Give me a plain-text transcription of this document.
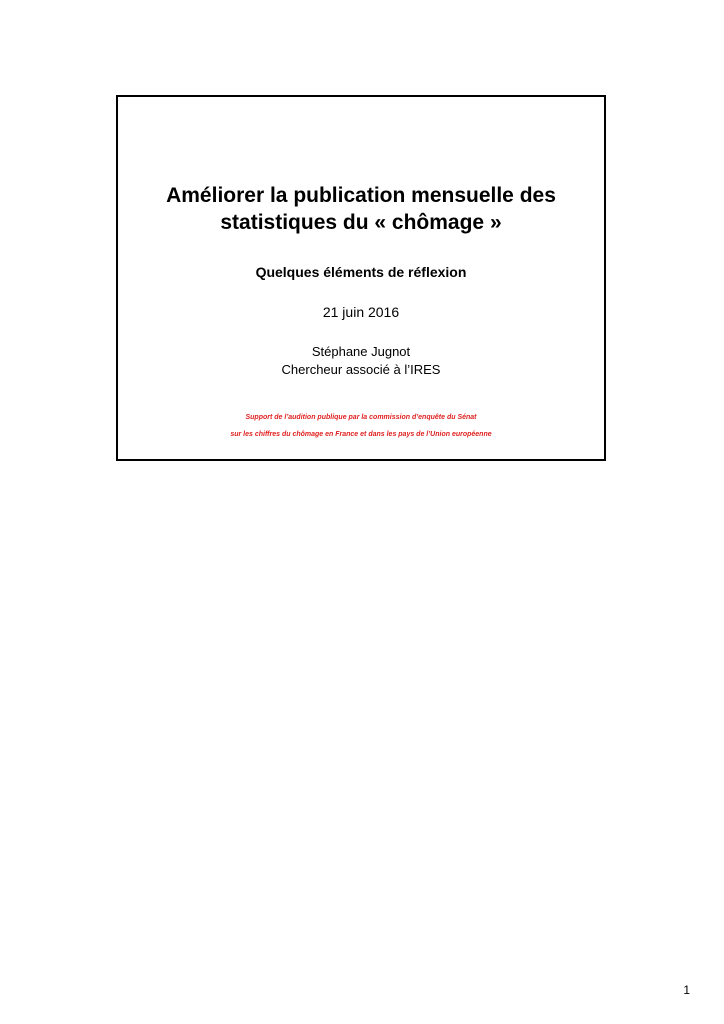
Améliorer la publication mensuelle des
statistiques du « chômage »
Quelques éléments de réflexion
21 juin 2016
Stéphane Jugnot
Chercheur associé à l’IRES
Support de l’audition publique par la commission d’enquête du Sénat
sur les chiffres du chômage en France et dans les pays de l’Union européenne
1
